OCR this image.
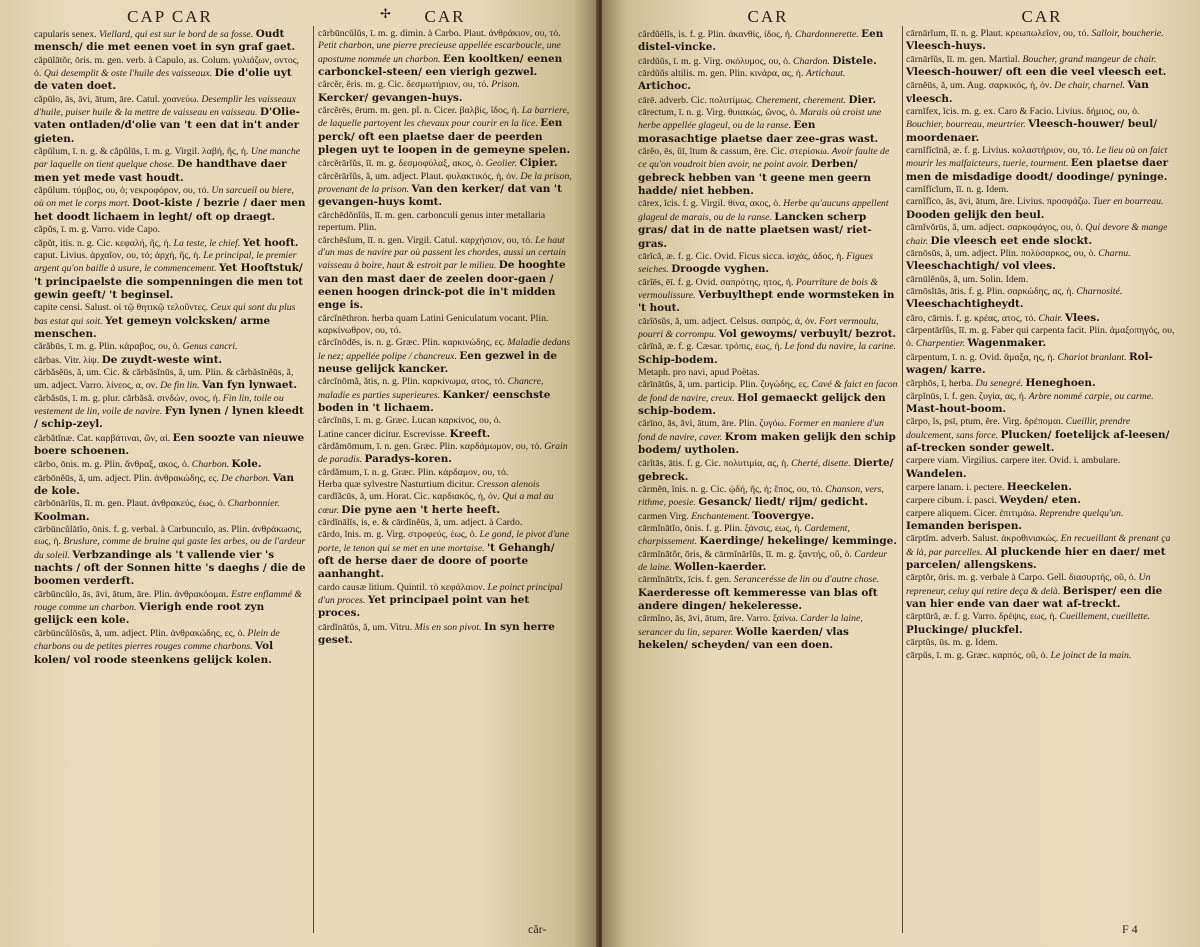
CAP CAR

capularis senex. Viellard, qui est sur le bord de sa fosse. Oudt mensch/ die met eenen voet in syn graf gaet.

căpūlātŏr, ōris. m. gen. verb. à Capulo, as. Colum. γυλιάζων, ovτος, ὁ. Qui desemplit & oste l'huile des vaisseaux. Die d'olie uyt de vaten doet.

căpūlo, ās, āvi, ātum, āre. Catul. χοανεύω. Desemplir les vaisseaux d'huile, puiser huile & la mettre de vaisseau en vaisseau. D'Olie-vaten ontladen/d'olie van 't een dat in't ander gieten.

căpŭlum, ī. n. g. & căpŭlūs, ī. m. g. Virgil. λαβή, ῆς, ἡ. Une manche par laquelle on tient quelque chose. De handthave daer men yet mede vast houdt.

căpŭlum. τύμβος, ου, ὁ; νεκροφόρον, ου, τό. Un sarcueil ou biere, où on met le corps mort. Doot-kiste / bezrie / daer men het doodt lichaem in leght/ oft op draegt.

căpŭs, ī. m. g. Varro. vide Capo.

căpŭt, itis. n. g. Cic. κεφαλή, ῆς, ἡ. La teste, le chief. Yet hooft.

caput. Livius. ἀρχαῖον, ου, τό; ἀρχή, ῆς, ἡ. Le principal, le premier argent qu'on baille à usure, le commencement. Yet Hooftstuk/ 't principaelste die sompenningen die men tot gewin geeft/ 't beginsel.

capite censi. Salust. οἱ τῷ θητικῷ τελοῦντες. Ceux qui sont du plus bas estat qui soit. Yet gemeyn volcksken/ arme menschen.

cărăbūs, ī. m. g. Plin. κάραβος, ου, ὁ. Genus cancri.

cărbas. Vitr. λίψ. De zuydt-weste wint.

cărbăsĕūs, ă, um. Cic. & cărbăsĭnūs, ă, um. Plin. & cărbăsīnĕūs, ă, um. adject. Varro. λίνεος, α, ον. De fin lin. Van fyn lynwaet.

cărbăsūs, ī. m. g. plur. cărbăsă. σινδών, ονος, ἡ. Fin lin, toile ou vestement de lin, voile de navire. Fyn lynen / lynen kleedt / schip-zeyl.

cărbătĭnæ. Cat. καρβάτιναι, ῶν, αἱ. Een soozte van nieuwe boere schoenen.

cārbo, ōnis. m. g. Plin. ἄνθραξ, ακος, ὁ. Charbon. Kole.

cārbōnĕūs, ă, um. adject. Plin. ἀνθρακώδης, ες. De charbon. Van de kole.

cārbōnārĭūs, ĭī. m. gen. Plaut. ἀνθρακεύς, έως, ὁ. Charbonnier. Koolman.

cārbūncŭlātĭo, ōnis. f. g. verbal. à Carbunculo, as. Plin. ἀνθράκωσις, εως, ἡ. Bruslure, comme de bruine qui gaste les arbes, ou de l'ardeur du soleil. Verbzandinge als 't vallende vier 's nachts / oft der Sonnen hitte 's daeghs / die de boomen verderft.

cārbūncŭlo, ās, āvi, ātum, āre. Plin. ἀνθρακόομαι. Estre enflammé & rouge comme un charbon. Vierigh ende root zyn gelijck een kole.

cārbūncŭlōsŭs, ă, um. adject. Plin. ἀνθρακώδης, ες, ὁ. Plein de charbons ou de petites pierres rouges comme charbons. Vol kolen/ vol roode steenkens gelijck kolen.

✢	CAR

cārbūncŭlŭs, ī. m. g. dimin. à Carbo. Plaut. ἀνθράκιον, ου, τό. Petit charbon, une pierre precieuse appellée escarboucle, une apostume nommée un charbon. Een kooltken/ eenen carbonckel-steen/ een vierigh gezwel.

cărcĕr, ĕris. m. g. Cic. δεσμωτήριον, ου, τό. Prison. Kercker/ gevangen-huys.

cărcĕrēs, ērum. m. gen. pl. n. Cicer. βαλβίς, ῖδος, ἡ. La barriere, de laquelle partoyent les chevaux pour courir en la lice. Een perck/ oft een plaetse daer de peerden plegen uyt te loopen in de gemeyne spelen.

cărcĕrārĭŭs, ĭī. m. g. δεσμοφύλαξ, ακος, ὁ. Geolier. Cipier.

cărcĕrārĭŭs, ă, um. adject. Plaut. φυλακτικός, ή, όν. De la prison, provenant de la prison. Van den kerker/ dat van 't gevangen-huys komt.

cărchēdŏnĭŭs, ĭī. m. gen. carbonculi genus inter metallaria repertum. Plin.

cărchēsĭum, ĭī. n. gen. Virgil. Catul. καρχήσιον, ου, τό. Le haut d'un mas de navire par où passent les chordes, aussi un certain vaisseau à boire, haut & estroit par le milieu. De hooghte van den mast daer de zeelen door-gaen / eenen hoogen drinck-pot die in't midden enge is.

cărcĭnēthron. herba quam Latini Geniculatum vocant. Plin. καρκίνωθρον, ου, τό.

cărcĭnōdēs, is. n. g. Græc. Plin. καρκινώδης, ες. Maladie dedans le nez; appellée polipe / chancreux. Een gezwel in de neuse gelijck kancker.

cărcĭnōmă, ătis, n. g. Plin. καρκίνωμα, ατος, τό. Chancre, maladie es parties superieures. Kanker/ eenschste boden in 't lichaem.

cărcĭnūs, ī. m. g. Græc. Lucan καρκίνος, ου, ὁ.

Latine cancer dicitur. Escrevisse. Kreeft.

cărdămōmum, ī. n. gen. Græc. Plin. καρδάμωμον, ου, τό. Grain de paradis. Paradys-koren.

cărdămum, ī. n. g. Græc. Plin. κάρδαμον, ου, τό.

Herba quæ sylvestre Nasturtium dicitur. Cresson alenois

cardĭăcūs, ă, um. Horat. Cic. καρδιακός, ή, όν. Qui a mal au cœur. Die pyne aen 't herte heeft.

cārdĭnālĭs, is, e. & cārdĭnĕūs, ă, um. adject. à Cardo.

cārdo, ĭnis. m. g. Virg. στροφεύς, έως, ὁ. Le gond, le pivot d'une porte, le tenon qui se met en une mortaise. 't Gehangh/ oft de herse daer de doore of poorte aanhanght.

cardo causæ litium. Quintil. τὸ κεφάλαιον. Le poinct principal d'un proces. Yet principael point van het proces.

cārdĭnātŭs, ă, um. Vitru. Mis en son pivot. In syn herre geset.

căr-
CAR

cărdŭēlĭs, is. f. g. Plin. ἀκανθίς, ίδος, ἡ. Chardonnerette. Een distel-vincke.

cārdŭŭs, ī. m. g. Virg. σκόλυμος, ου, ὁ. Chardon. Distele.

cārdŭŭs altilis. m. gen. Plin. κινάρα, ας, ἡ. Artichaut. Artichoc.

cārē. adverb. Cic. πολυτίμως. Cherement, cherement. Dier.

cārectum, ī. n. g. Virg. θυιακώς, ῶνος, ὁ. Marais où croist une herbe appellée glageul, ou de la ranse. Een morasachtige plaetse daer zee-gras wast.

cărĕo, ēs, ŭī, ĭtum & cassum, ēre. Cic. στερίσκω. Avoir faulte de ce qu'on voudroit bien avoir, ne point avoir. Derben/ gebreck hebben van 't geene men geern hadde/ niet hebben.

cārex, ĭcis. f. g. Virgil. θίνα, ακος, ὁ. Herbe qu'aucuns appellent glageul de marais, ou de la ranse. Lancken scherp gras/ dat in de natte plaetsen wast/ riet-gras.

cārĭcă, æ. f. g. Cic. Ovid. Ficus sicca. ἰσχάς, άδος, ἡ. Figues seiches. Droogde vyghen.

cārĭēs, ēī. f. g. Ovid. σαπρότης, ητος, ἡ. Pourriture de bois & vermoulissure. Verbuylthept ende wormsteken in 't hout.

cārĭōsŭs, ă, um. adject. Celsus. σαπρός, ά, όν. Fort vermoulu, pourri & corrompu. Vol gewoyms/ verbuylt/ bezrot.

cărīnă, æ. f. g. Cæsar. τρόπις, εως, ἡ. Le fond du navire, la carine. Schip-bodem.

Metaph. pro navi, apud Poëtas.

cărīnātŭs, ă, um. particip. Plin. ζυγώδης, ες. Cavé & faict en facon de fond de navire, creux. Hol gemaeckt gelijck den schip-bodem.

cărīno, ās, āvi, ātum, āre. Plin. ζυγόω. Former en maniere d'un fond de navire, caver. Krom maken gelijk den schip bodem/ uytholen.

cārĭtās, ātis. f. g. Cic. πολυτιμία, ας, ἡ. Cherté, disette. Dierte/ gebreck.

cărmĕn, ĭnis. n. g. Cic. ᾠδή, ῆς, ἡ; ἔπος, ου, τό. Chanson, vers, rithme, poesie. Gesanck/ liedt/ rijm/ gedicht.

carmen Virg. Enchantement. Toovergye.

cārmĭnātĭo, ōnis. f. g. Plin. ξάνσις, εως, ἡ. Cardement, charpissement. Kaerdinge/ hekelinge/ kemminge.

cārmĭnātŏr, ōris, & cārmĭnārĭŭs, ĭī. m. g. ξαντής, οῦ, ὁ. Cardeur de laine. Wollen-kaerder.

cārmĭnātrīx, īcis. f. gen. Serancerésse de lin ou d'autre chose. Kaerderesse oft kemmeresse van blas oft andere dingen/ hekeleresse.

cārmĭno, ās, āvi, ātum, āre. Varro. ξαίνω. Carder la laine, serancer du lin, separer. Wolle kaerden/ vlas hekelen/ scheyden/ van een doen.

CAR

cārnārĭum, ĭī. n. g. Plaut. κρεωπωλεῖον, ου, τό. Salloir, boucherie. Vleesch-huys.

cārnārĭŭs, ĭī. m. gen. Martial. Boucher, grand mangeur de chair. Vleesch-houwer/ oft een die veel vleesch eet.

cārnĕūs, ă, um. Aug. σαρκικός, ή, όν. De chair, charnel. Van vleesch.

carnĭfex, ĭcis. m. g. ex. Caro & Facio. Livius. δήμιος, ου, ὁ. Bouchier, bourreau, meurtrier. Vleesch-houwer/ beul/ moordenaer.

carnĭfĭcīnă, æ. f. g. Livius. κολαστήριον, ου, τό. Le lieu où on faict mourir les malfaicteurs, tuerie, tourment. Een plaetse daer men de misdadige doodt/ doodinge/ pyninge.

carnĭfĭcĭum, ĭī. n. g. Idem.

carnĭfĭco, ās, āvi, ātum, āre. Livius. προσφάζω. Tuer en bourreau. Dooden gelijk den beul.

cārnĭvŏrūs, ă, um. adject. σαρκοφάγος, ου, ὁ. Qui devore & mange chair. Die vleesch eet ende slockt.

cārnōsŭs, ă, um. adject. Plin. πολύσαρκος, ου, ὁ. Charnu. Vleeschachtigh/ vol vlees.

cārnūlĕnŭs, ă, um. Solin. Idem.

cārnōsĭtās, ātis. f. g. Plin. σαρκώδης, ας, ἡ. Charnosité. Vleeschachtigheydt.

căro, cārnis. f. g. κρέας, ατος, τό. Chair. Vlees.

cărpentārĭŭs, ĭī. m. g. Faber qui carpenta facit. Plin. ἁμαξοπηγός, ου, ὁ. Charpentier. Wagenmaker.

cărpentum, ī. n. g. Ovid. ἅμαξα, ης, ἡ. Chariot branlant. Rol-wagen/ karre.

cărphōs, ī, herba. Du senegré. Heneghoen.

cărpĭnūs, ī. f. gen. ζυγία, ας, ἡ. Arbre nommé carpie, ou carme. Mast-hout-boom.

cărpo, ĭs, psī, ptum, ĕre. Virg. δρέπομαι. Cueillir, prendre doulcement, sans force. Plucken/ foetelijck af-leesen/ af-trecken sonder gewelt.

carpere viam. Virgilius. carpere iter. Ovid. i. ambulare. Wandelen.

carpere lanam. i. pectere. Heeckelen.

carpere cibum. i. pasci. Weyden/ eten.

carpere aliquem. Cicer. ἐπιτιμάω. Reprendre quelqu'un. Iemanden berispen.

cārptĭm. adverb. Salust. ἀκροθινιακώς. En recueillant & prenant ça & là, par parcelles. Al pluckende hier en daer/ met parcelen/ allengskens.

cārptŏr, ōris. m. g. verbale à Carpo. Gell. διασυρτής, οῦ, ὁ. Un repreneur, celuy qui retire deça & delà. Berisper/ een die van hier ende van daer wat af-treckt.

cārptūră, æ. f. g. Varro. δρέψις, εως, ἡ. Cueillement, cueillette. Pluckinge/ pluckfel.

cārptŭs, ūs. m. g. Idem.

cārpŭs, ī. m. g. Græc. καρπός, οῦ, ὁ. Le joinct de la main.

F 4
